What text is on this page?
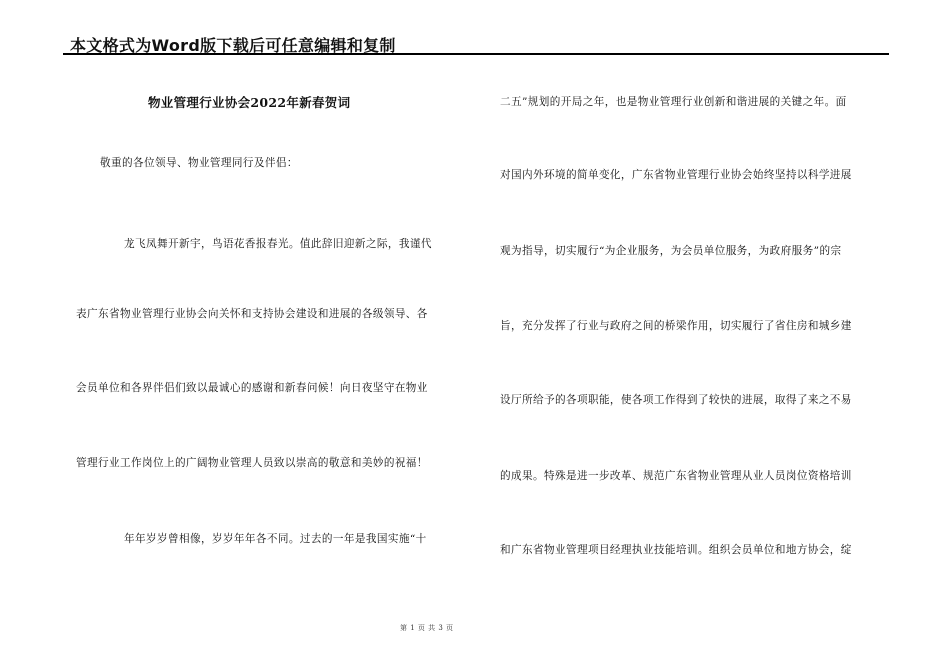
本文格式为Word版下载后可任意编辑和复制
物业管理行业协会2022年新春贺词
敬重的各位领导、物业管理同行及伴侣：
龙飞凤舞开新宇，鸟语花香报春光。值此辞旧迎新之际，我谨代
表广东省物业管理行业协会向关怀和支持协会建设和进展的各级领导、各
会员单位和各界伴侣们致以最诚心的感谢和新春问候！向日夜坚守在物业
管理行业工作岗位上的广阔物业管理人员致以崇高的敬意和美妙的祝福！
年年岁岁曾相像，岁岁年年各不同。过去的一年是我国实施“十
二五”规划的开局之年，也是物业管理行业创新和谐进展的关键之年。面
对国内外环境的简单变化，广东省物业管理行业协会始终坚持以科学进展
观为指导，切实履行“为企业服务，为会员单位服务，为政府服务”的宗
旨，充分发挥了行业与政府之间的桥梁作用，切实履行了省住房和城乡建
设厅所给予的各项职能，使各项工作得到了较快的进展，取得了来之不易
的成果。特殊是进一步改革、规范广东省物业管理从业人员岗位资格培训
和广东省物业管理项目经理执业技能培训。组织会员单位和地方协会，绽
第 1 页 共 3 页
